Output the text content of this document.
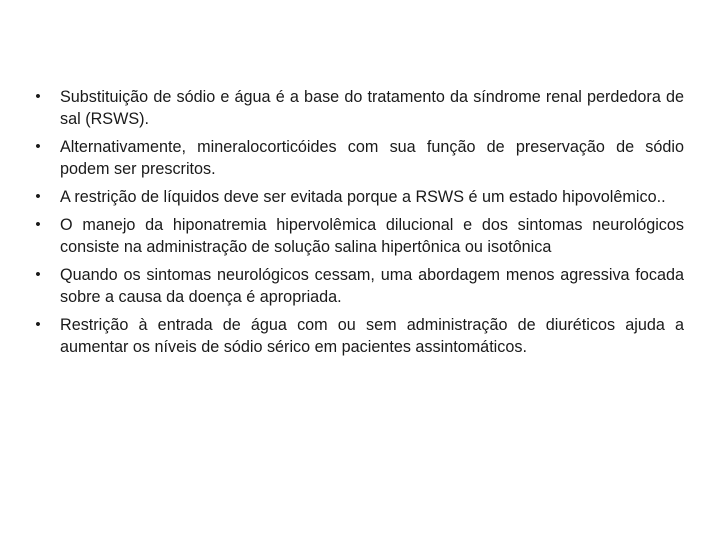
•	Substituição de sódio e água é a base do tratamento da síndrome renal perdedora de sal (RSWS).
•	Alternativamente, mineralocorticóides com sua função de preservação de sódio podem ser prescritos.
•	A restrição de líquidos deve ser evitada porque a RSWS é um estado hipovolêmico..
•	O manejo da hiponatremia hipervolêmica dilucional e dos sintomas neurológicos consiste na administração de solução salina hipertônica ou isotônica
•	Quando os sintomas neurológicos cessam, uma abordagem menos agressiva focada sobre a causa da doença é apropriada.
•	Restrição à entrada de água com ou sem administração de diuréticos ajuda a aumentar os níveis de sódio sérico em pacientes assintomáticos.
